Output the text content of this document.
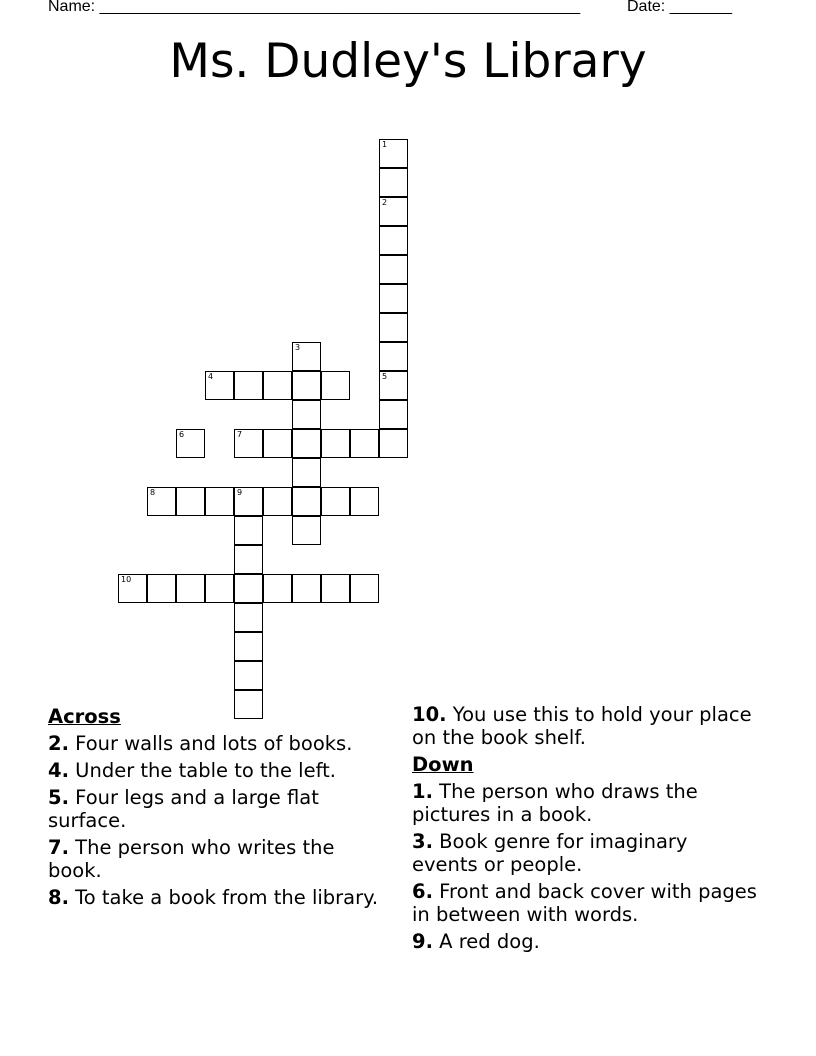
Name: ______________________________________________________	Date: _______
Ms. Dudley's Library
1
2
5
3
4
6	7
8	9
10
Across
2. Four walls and lots of books.
4. Under the table to the left.
5. Four legs and a large flat surface.
7. The person who writes the book.
8. To take a book from the library.
10. You use this to hold your place on the book shelf.
Down
1. The person who draws the pictures in a book.
3. Book genre for imaginary events or people.
6. Front and back cover with pages in between with words.
9. A red dog.
